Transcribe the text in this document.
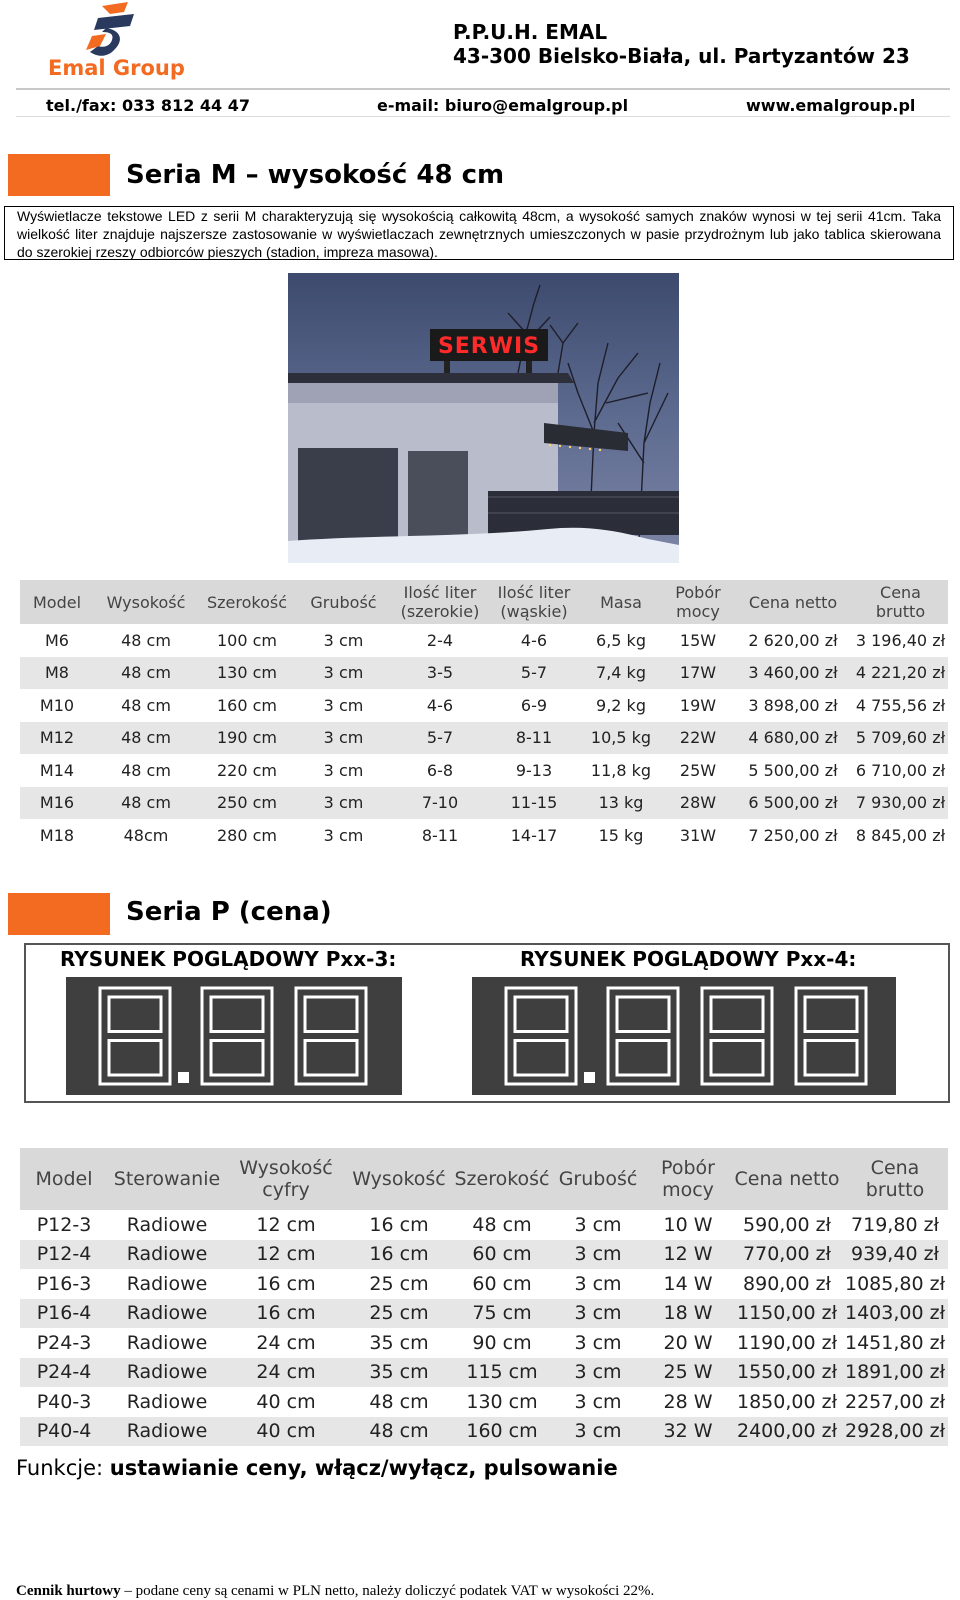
Emal Group
P.P.U.H. EMAL
43-300 Bielsko-Biała, ul. Partyzantów 23
tel./fax: 033 812 44 47	e-mail: biuro@emalgroup.pl	www.emalgroup.pl
Seria M – wysokość 48 cm

Wyświetlacze tekstowe LED z serii M charakteryzują się wysokością całkowitą 48cm, a wysokość samych znaków wynosi w tej serii 41cm. Taka wielkość liter znajduje najszersze zastosowanie w wyświetlaczach zewnętrznych umieszczonych w pasie przydrożnym lub jako tablica skierowana do szerokiej rzeszy odbiorców pieszych (stadion, impreza masowa).

SERWIS
Model	Wysokość	Szerokość	Grubość	Ilość liter (szerokie)	Ilość liter (wąskie)	Masa	Pobór mocy	Cena netto	Cena brutto
M6	48 cm	100 cm	3 cm	2-4	4-6	6,5 kg	15W	2 620,00 zł	3 196,40 zł
M8	48 cm	130 cm	3 cm	3-5	5-7	7,4 kg	17W	3 460,00 zł	4 221,20 zł
M10	48 cm	160 cm	3 cm	4-6	6-9	9,2 kg	19W	3 898,00 zł	4 755,56 zł
M12	48 cm	190 cm	3 cm	5-7	8-11	10,5 kg	22W	4 680,00 zł	5 709,60 zł
M14	48 cm	220 cm	3 cm	6-8	9-13	11,8 kg	25W	5 500,00 zł	6 710,00 zł
M16	48 cm	250 cm	3 cm	7-10	11-15	13 kg	28W	6 500,00 zł	7 930,00 zł
M18	48cm	280 cm	3 cm	8-11	14-17	15 kg	31W	7 250,00 zł	8 845,00 zł
Seria P (cena)
RYSUNEK POGLĄDOWY Pxx-3:	RYSUNEK POGLĄDOWY Pxx-4:
Model	Sterowanie	Wysokość cyfry	Wysokość	Szerokość	Grubość	Pobór mocy	Cena netto	Cena brutto
P12-3	Radiowe	12 cm	16 cm	48 cm	3 cm	10 W	590,00 zł	719,80 zł
P12-4	Radiowe	12 cm	16 cm	60 cm	3 cm	12 W	770,00 zł	939,40 zł
P16-3	Radiowe	16 cm	25 cm	60 cm	3 cm	14 W	890,00 zł	1085,80 zł
P16-4	Radiowe	16 cm	25 cm	75 cm	3 cm	18 W	1150,00 zł	1403,00 zł
P24-3	Radiowe	24 cm	35 cm	90 cm	3 cm	20 W	1190,00 zł	1451,80 zł
P24-4	Radiowe	24 cm	35 cm	115 cm	3 cm	25 W	1550,00 zł	1891,00 zł
P40-3	Radiowe	40 cm	48 cm	130 cm	3 cm	28 W	1850,00 zł	2257,00 zł
P40-4	Radiowe	40 cm	48 cm	160 cm	3 cm	32 W	2400,00 zł	2928,00 zł
Funkcje: ustawianie ceny, włącz/wyłącz, pulsowanie
Cennik hurtowy – podane ceny są cenami w PLN netto, należy doliczyć podatek VAT w wysokości 22%.
